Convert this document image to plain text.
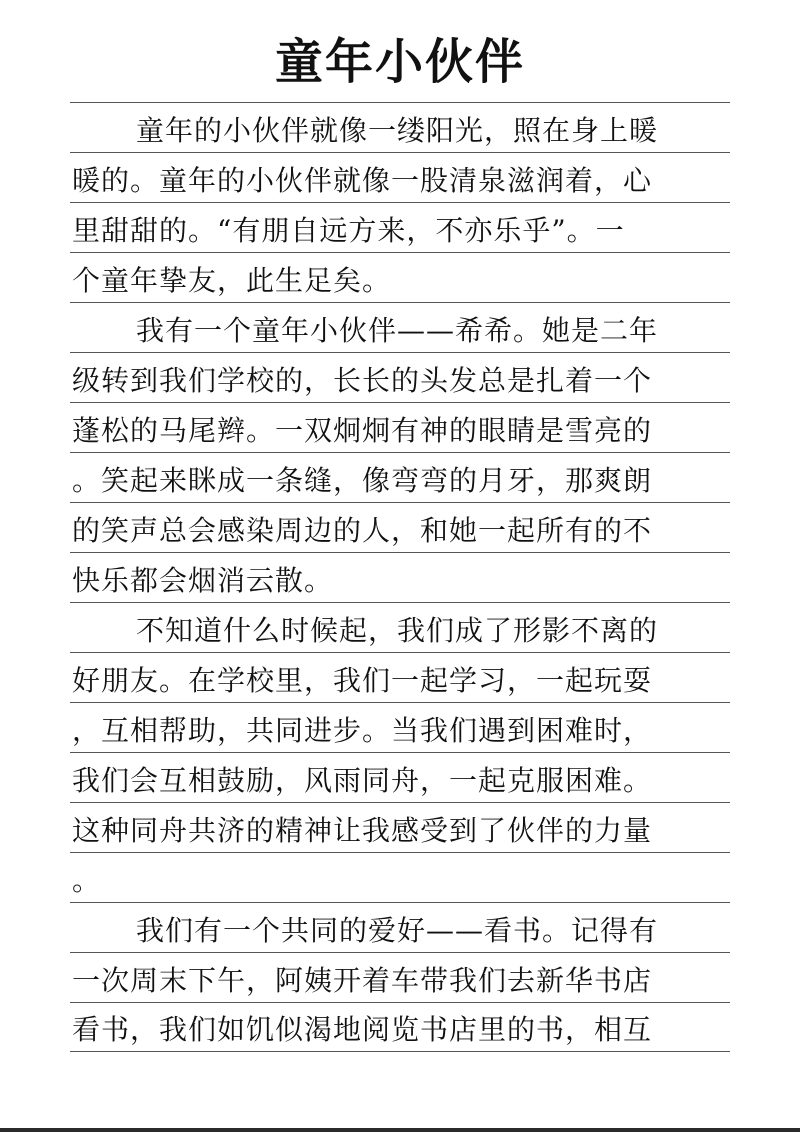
童年小伙伴
童年的小伙伴就像一缕阳光，照在身上暖
暖的。童年的小伙伴就像一股清泉滋润着，心
里甜甜的。“有朋自远方来，不亦乐乎”。一
个童年挚友，此生足矣。
我有一个童年小伙伴——希希。她是二年
级转到我们学校的，长长的头发总是扎着一个
蓬松的马尾辫。一双炯炯有神的眼睛是雪亮的
。笑起来眯成一条缝，像弯弯的月牙，那爽朗
的笑声总会感染周边的人，和她一起所有的不
快乐都会烟消云散。
不知道什么时候起，我们成了形影不离的
好朋友。在学校里，我们一起学习，一起玩耍
，互相帮助，共同进步。当我们遇到困难时，
我们会互相鼓励，风雨同舟，一起克服困难。
这种同舟共济的精神让我感受到了伙伴的力量
。
我们有一个共同的爱好——看书。记得有
一次周末下午，阿姨开着车带我们去新华书店
看书，我们如饥似渴地阅览书店里的书，相互
